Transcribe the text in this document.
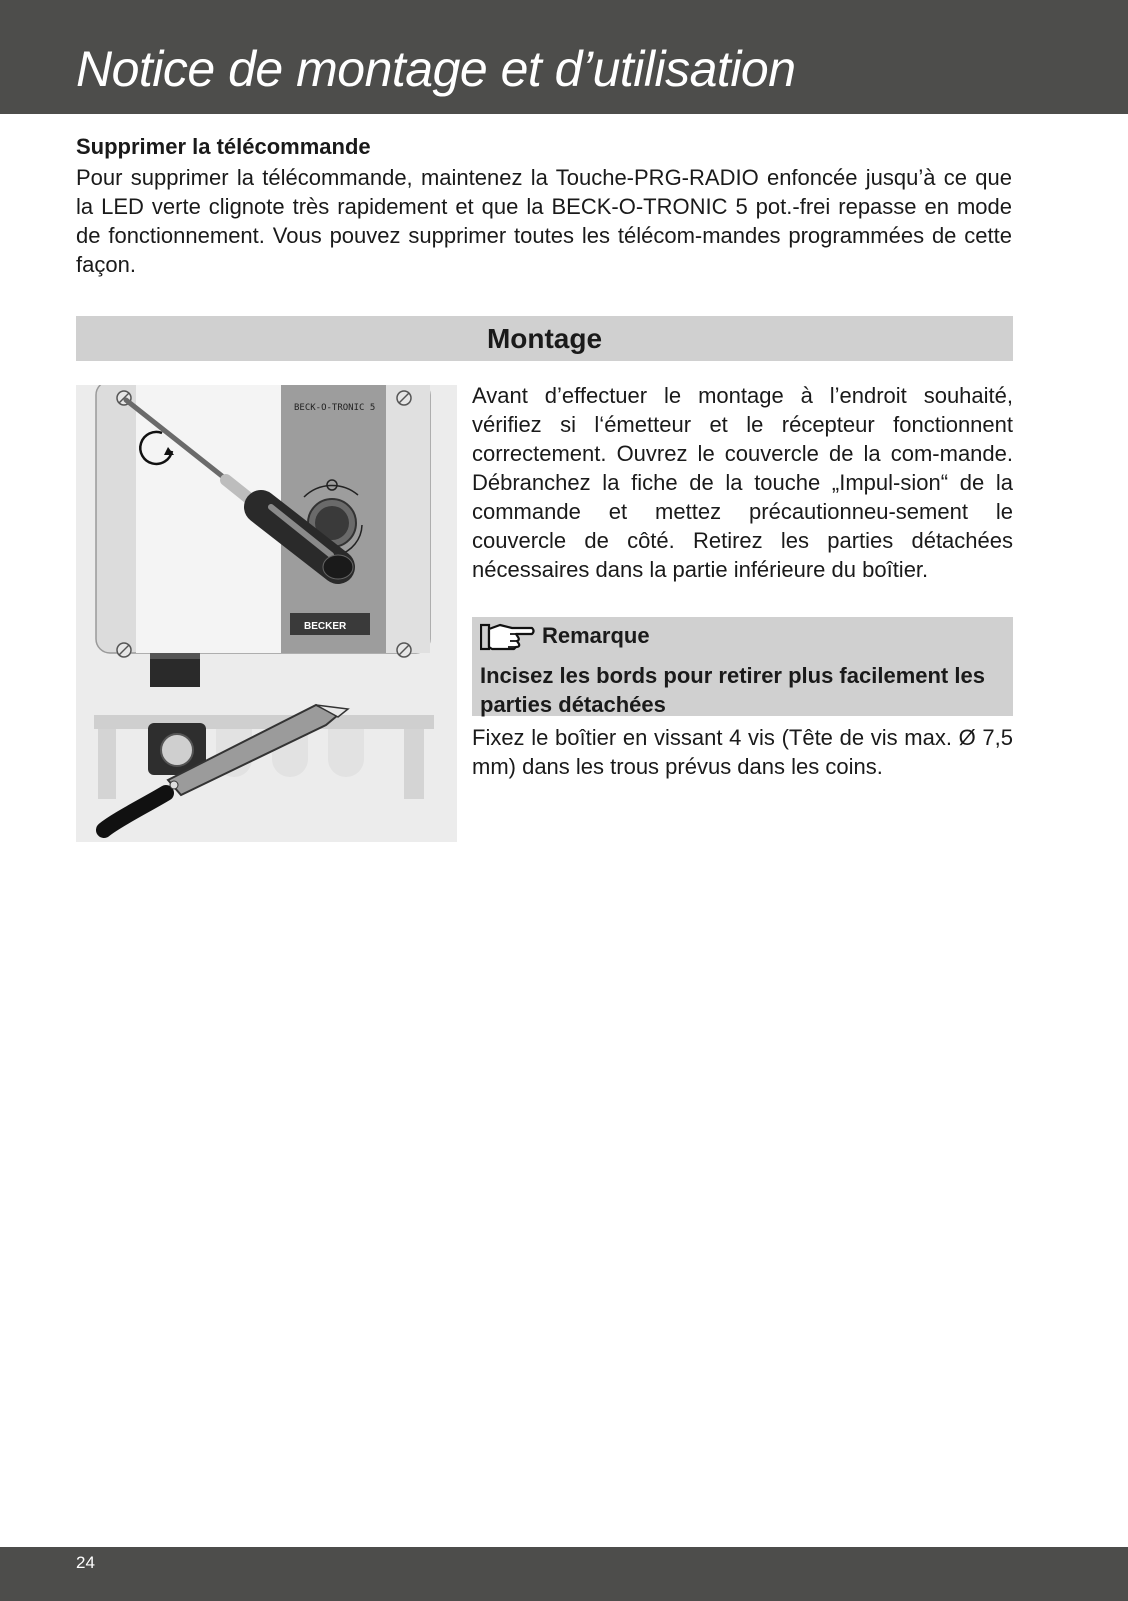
Notice de montage et d’utilisation
Supprimer la télécommande

Pour supprimer la télécommande, maintenez la Touche-PRG-RADIO enfoncée jusqu’à ce que la LED verte clignote très rapidement et que la BECK-O-TRONIC 5 pot.-frei repasse en mode de fonctionnement. Vous pouvez supprimer toutes les télécom-mandes programmées de cette façon.

Montage
BECK-O-TRONIC 5
BECKER

Avant d’effectuer le montage à l’endroit souhaité, vérifiez si l‘émetteur et le récepteur fonctionnent correctement. Ouvrez le couvercle de la com-mande. Débranchez la fiche de la touche „Impul-sion“ de la commande et mettez précautionneu-sement le couvercle de côté. Retirez les parties détachées nécessaires dans la partie inférieure du boîtier.

Remarque

Incisez les bords pour retirer plus facilement les parties détachées

Fixez le boîtier en vissant 4 vis (Tête de vis max. Ø 7,5 mm) dans les trous prévus dans les coins.

24
